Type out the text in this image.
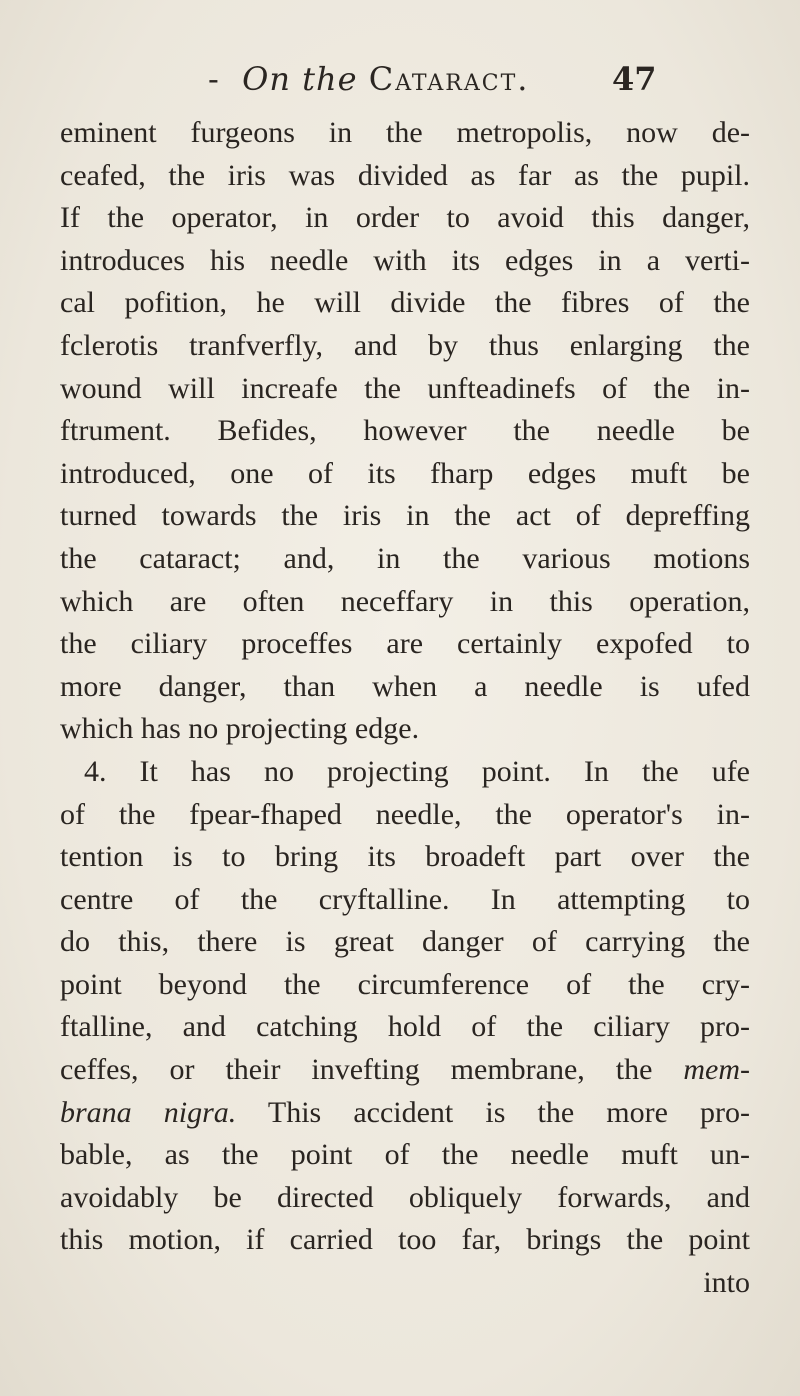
- On the Cataract.	47
eminent furgeons in the metropolis, now de-
ceafed, the iris was divided as far as the pupil.
If the operator, in order to avoid this danger,
introduces his needle with its edges in a verti-
cal pofition, he will divide the fibres of the
fclerotis tranfverfly, and by thus enlarging the
wound will increafe the unfteadinefs of the in-
ftrument. Befides, however the needle be
introduced, one of its fharp edges muft be
turned towards the iris in the act of depreffing
the cataract; and, in the various motions
which are often neceffary in this operation,
the ciliary proceffes are certainly expofed to
more danger, than when a needle is ufed
which has no projecting edge.
4. It has no projecting point. In the ufe
of the fpear-fhaped needle, the operator's in-
tention is to bring its broadeft part over the
centre of the cryftalline. In attempting to
do this, there is great danger of carrying the
point beyond the circumference of the cry-
ftalline, and catching hold of the ciliary pro-
ceffes, or their invefting membrane, the mem-
brana nigra. This accident is the more pro-
bable, as the point of the needle muft un-
avoidably be directed obliquely forwards, and
this motion, if carried too far, brings the point
into
